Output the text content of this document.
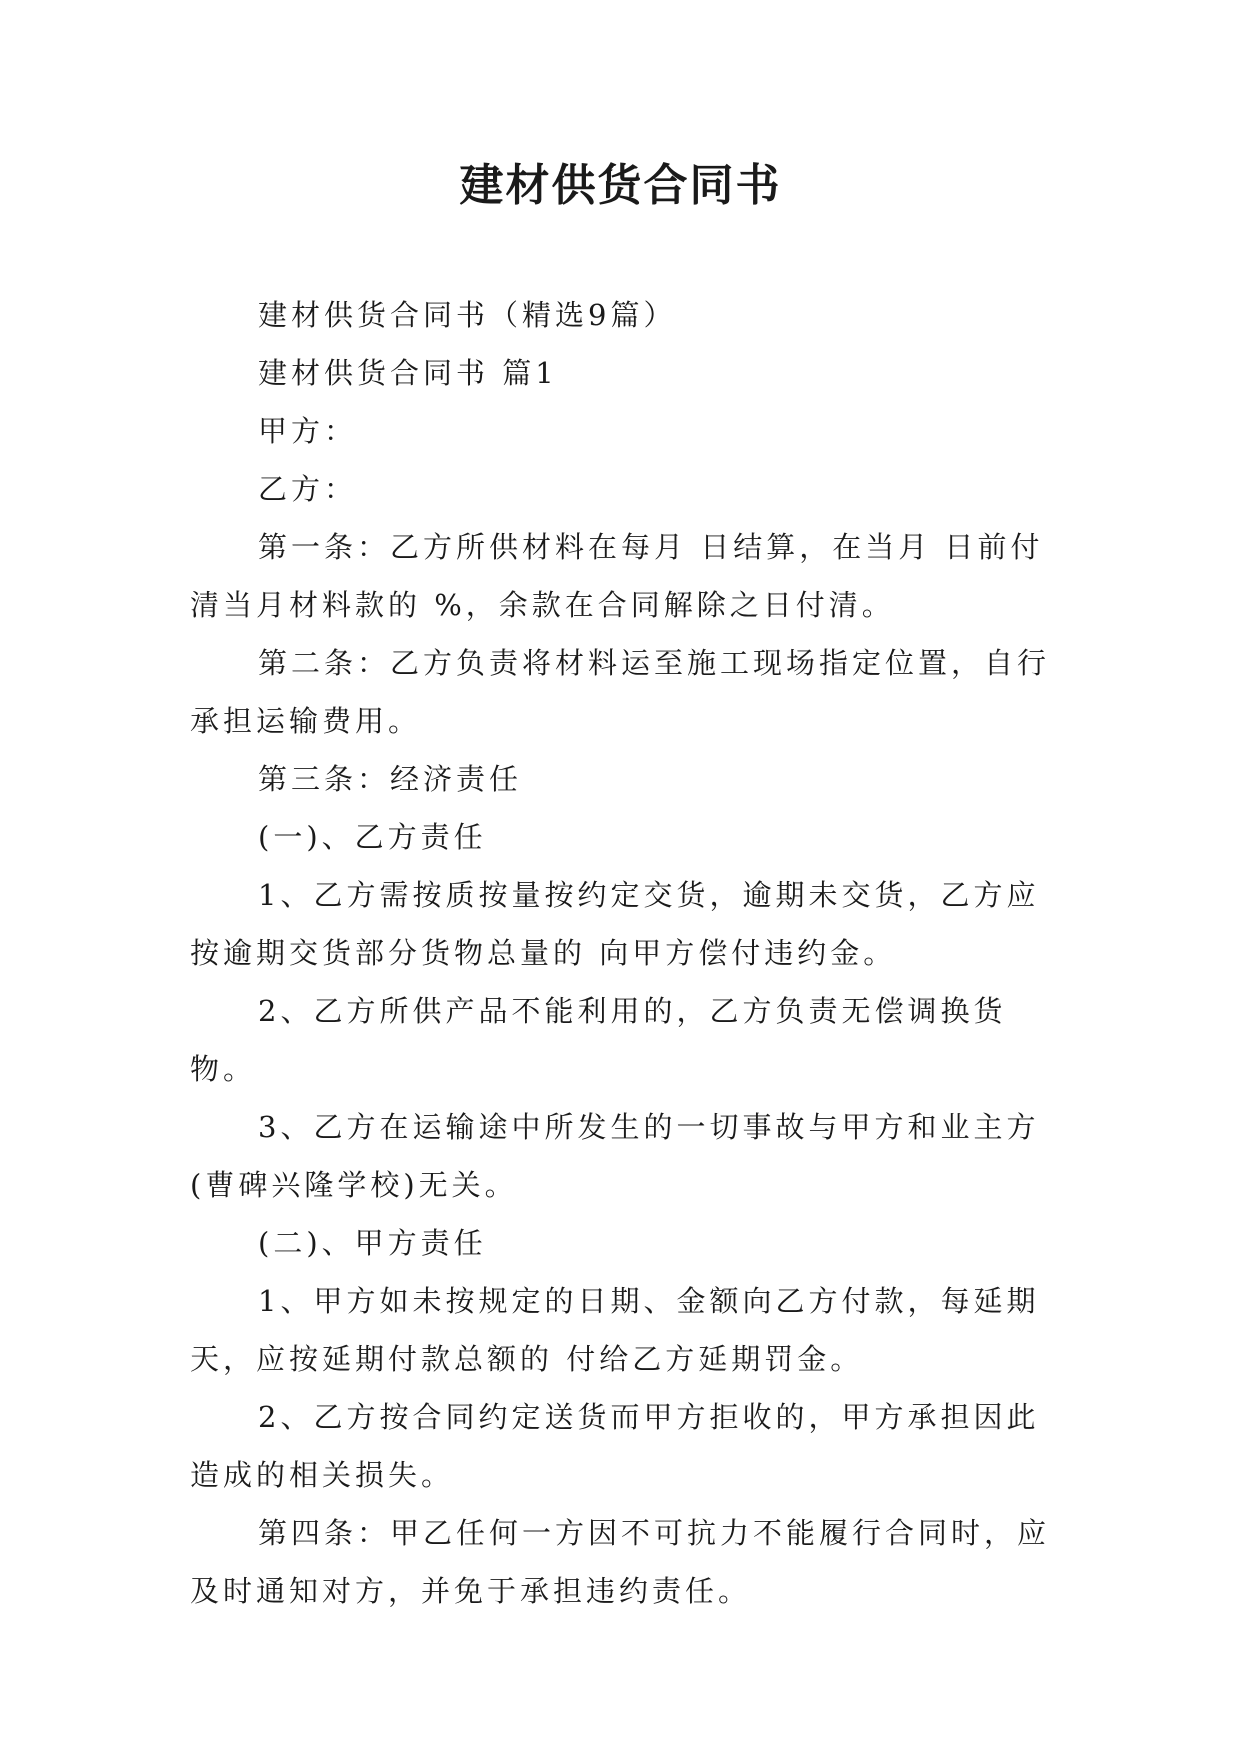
建材供货合同书

建材供货合同书（精选9篇）

建材供货合同书 篇1

甲方：

乙方：

第一条：乙方所供材料在每月 日结算，在当月 日前付清当月材料款的 %，余款在合同解除之日付清。

第二条：乙方负责将材料运至施工现场指定位置，自行承担运输费用。

第三条：经济责任

(一)、乙方责任

1、乙方需按质按量按约定交货，逾期未交货，乙方应按逾期交货部分货物总量的 向甲方偿付违约金。

2、乙方所供产品不能利用的，乙方负责无偿调换货物。

3、乙方在运输途中所发生的一切事故与甲方和业主方(曹碑兴隆学校)无关。

(二)、甲方责任

1、甲方如未按规定的日期、金额向乙方付款，每延期天，应按延期付款总额的 付给乙方延期罚金。

2、乙方按合同约定送货而甲方拒收的，甲方承担因此造成的相关损失。

第四条：甲乙任何一方因不可抗力不能履行合同时，应及时通知对方，并免于承担违约责任。
